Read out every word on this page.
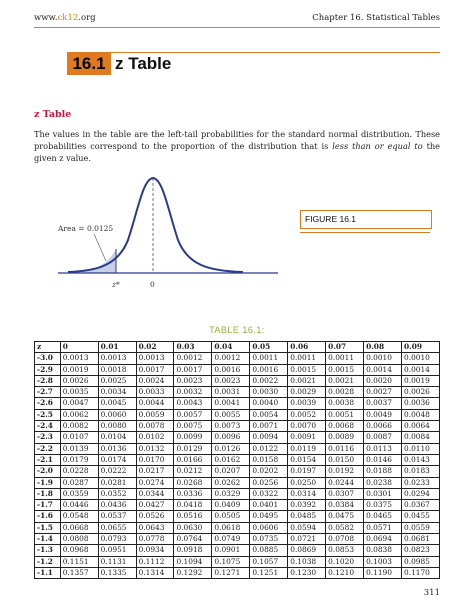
www.ck12.org	Chapter 16. Statistical Tables
16.1 z Table
z Table
The values in the table are the left-tail probabilities for the standard normal distribution. These probabilities correspond to the proportion of the distribution that is less than or equal to the given z value.
Area = 0.0125
z*	0
FIGURE 16.1
TABLE 16.1:
z	0	0.01	0.02	0.03	0.04	0.05	0.06	0.07	0.08	0.09
-3.0	0.0013	0.0013	0.0013	0.0012	0.0012	0.0011	0.0011	0.0011	0.0010	0.0010
-2.9	0.0019	0.0018	0.0017	0.0017	0.0016	0.0016	0.0015	0.0015	0.0014	0.0014
-2.8	0.0026	0.0025	0.0024	0.0023	0.0023	0.0022	0.0021	0.0021	0.0020	0.0019
-2.7	0.0035	0.0034	0.0033	0.0032	0.0031	0.0030	0.0029	0.0028	0.0027	0.0026
-2.6	0.0047	0.0045	0.0044	0.0043	0.0041	0.0040	0.0039	0.0038	0.0037	0.0036
-2.5	0.0062	0.0060	0.0059	0.0057	0.0055	0.0054	0.0052	0.0051	0.0049	0.0048
-2.4	0.0082	0.0080	0.0078	0.0075	0.0073	0.0071	0.0070	0.0068	0.0066	0.0064
-2.3	0.0107	0.0104	0.0102	0.0099	0.0096	0.0094	0.0091	0.0089	0.0087	0.0084
-2.2	0.0139	0.0136	0.0132	0.0129	0.0126	0.0122	0.0119	0.0116	0.0113	0.0110
-2.1	0.0179	0.0174	0.0170	0.0166	0.0162	0.0158	0.0154	0.0150	0.0146	0.0143
-2.0	0.0228	0.0222	0.0217	0.0212	0.0207	0.0202	0.0197	0.0192	0.0188	0.0183
-1.9	0.0287	0.0281	0.0274	0.0268	0.0262	0.0256	0.0250	0.0244	0.0238	0.0233
-1.8	0.0359	0.0352	0.0344	0.0336	0.0329	0.0322	0.0314	0.0307	0.0301	0.0294
-1.7	0.0446	0.0436	0.0427	0.0418	0.0409	0.0401	0.0392	0.0384	0.0375	0.0367
-1.6	0.0548	0.0537	0.0526	0.0516	0.0505	0.0495	0.0485	0.0475	0.0465	0.0455
-1.5	0.0668	0.0655	0.0643	0.0630	0.0618	0.0606	0.0594	0.0582	0.0571	0.0559
-1.4	0.0808	0.0793	0.0778	0.0764	0.0749	0.0735	0.0721	0.0708	0.0694	0.0681
-1.3	0.0968	0.0951	0.0934	0.0918	0.0901	0.0885	0.0869	0.0853	0.0838	0.0823
-1.2	0.1151	0.1131	0.1112	0.1094	0.1075	0.1057	0.1038	0.1020	0.1003	0.0985
-1.1	0.1357	0.1335	0.1314	0.1292	0.1271	0.1251	0.1230	0.1210	0.1190	0.1170
311
